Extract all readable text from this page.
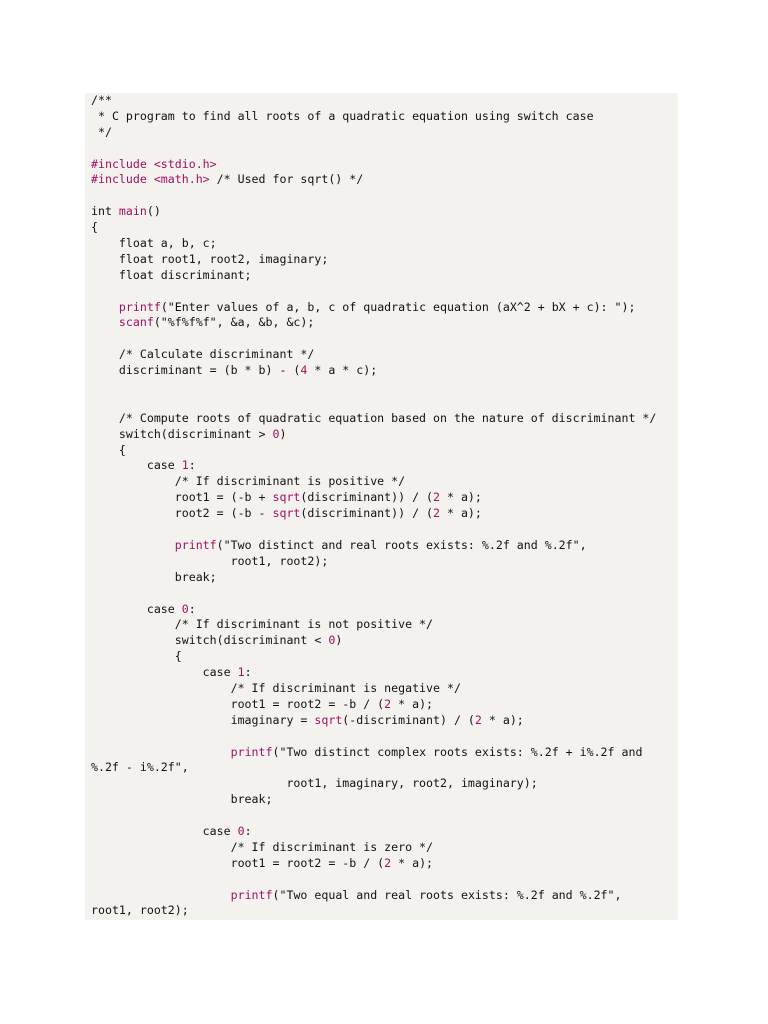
/**
* C program to find all roots of a quadratic equation using switch case
*/
#include <stdio.h>
#include <math.h> /* Used for sqrt() */
int main()
{
float a, b, c;
float root1, root2, imaginary;
float discriminant;
printf("Enter values of a, b, c of quadratic equation (aX^2 + bX + c): ");
scanf("%f%f%f", &a, &b, &c);
/* Calculate discriminant */
discriminant = (b * b) - (4 * a * c);
/* Compute roots of quadratic equation based on the nature of discriminant */
switch(discriminant > 0)
{
case 1:
/* If discriminant is positive */
root1 = (-b + sqrt(discriminant)) / (2 * a);
root2 = (-b - sqrt(discriminant)) / (2 * a);
printf("Two distinct and real roots exists: %.2f and %.2f",
root1, root2);
break;
case 0:
/* If discriminant is not positive */
switch(discriminant < 0)
{
case 1:
/* If discriminant is negative */
root1 = root2 = -b / (2 * a);
imaginary = sqrt(-discriminant) / (2 * a);
printf("Two distinct complex roots exists: %.2f + i%.2f and
%.2f - i%.2f",
root1, imaginary, root2, imaginary);
break;
case 0:
/* If discriminant is zero */
root1 = root2 = -b / (2 * a);
printf("Two equal and real roots exists: %.2f and %.2f",
root1, root2);
